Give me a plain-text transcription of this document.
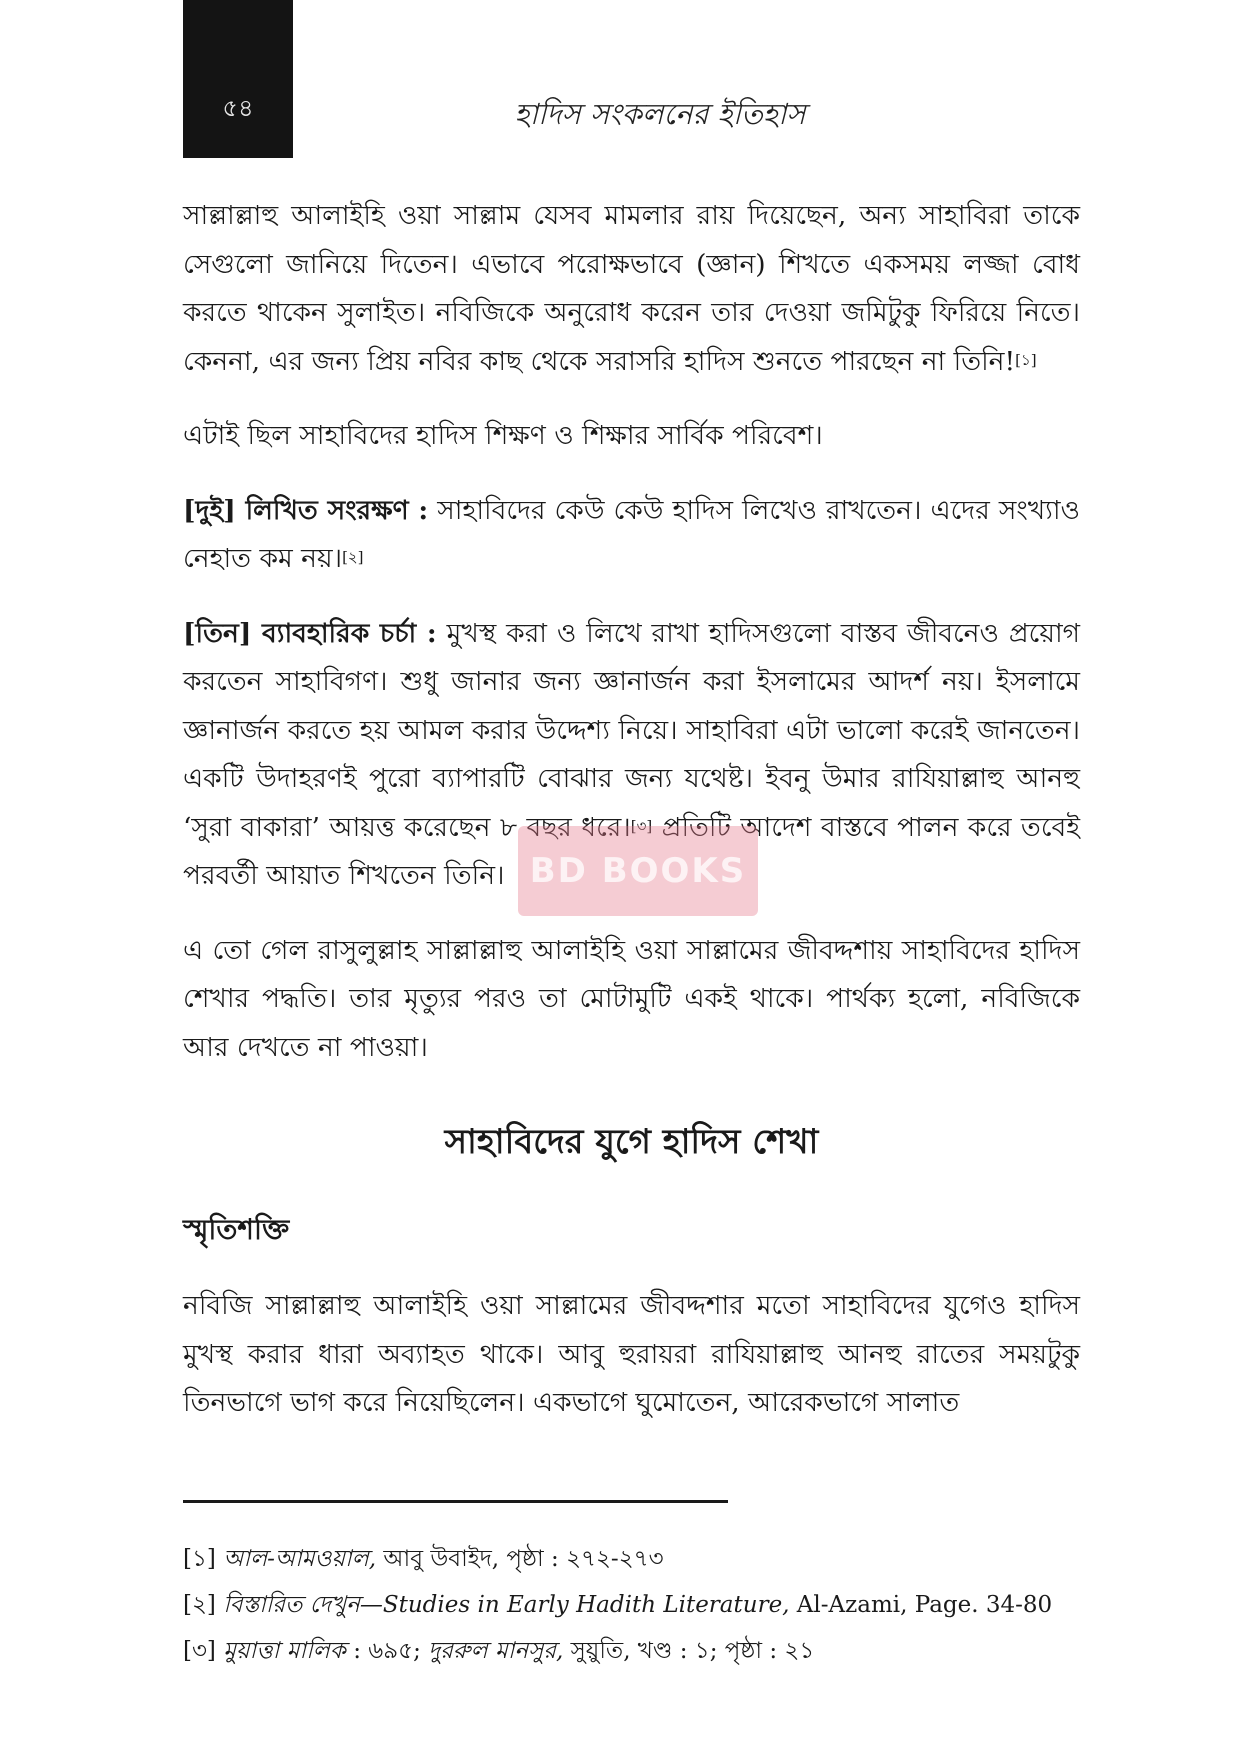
৫৪	হাদিস সংকলনের ইতিহাস

সাল্লাল্লাহু আলাইহি ওয়া সাল্লাম যেসব মামলার রায় দিয়েছেন, অন্য সাহাবিরা তাকে সেগুলো জানিয়ে দিতেন। এভাবে পরোক্ষভাবে (জ্ঞান) শিখতে একসময় লজ্জা বোধ করতে থাকেন সুলাইত। নবিজিকে অনুরোধ করেন তার দেওয়া জমিটুকু ফিরিয়ে নিতে। কেননা, এর জন্য প্রিয় নবির কাছ থেকে সরাসরি হাদিস শুনতে পারছেন না তিনি![১]

এটাই ছিল সাহাবিদের হাদিস শিক্ষণ ও শিক্ষার সার্বিক পরিবেশ।

[দুই] লিখিত সংরক্ষণ : সাহাবিদের কেউ কেউ হাদিস লিখেও রাখতেন। এদের সংখ্যাও নেহাত কম নয়।[২]

[তিন] ব্যাবহারিক চর্চা : মুখস্থ করা ও লিখে রাখা হাদিসগুলো বাস্তব জীবনেও প্রয়োগ করতেন সাহাবিগণ। শুধু জানার জন্য জ্ঞানার্জন করা ইসলামের আদর্শ নয়। ইসলামে জ্ঞানার্জন করতে হয় আমল করার উদ্দেশ্য নিয়ে। সাহাবিরা এটা ভালো করেই জানতেন। একটি উদাহরণই পুরো ব্যাপারটি বোঝার জন্য যথেষ্ট। ইবনু উমার রাযিয়াল্লাহু আনহু ‘সুরা বাকারা’ আয়ত্ত করেছেন ৮ বছর ধরে।[৩] প্রতিটি আদেশ বাস্তবে পালন করে তবেই পরবর্তী আয়াত শিখতেন তিনি।

এ তো গেল রাসুলুল্লাহ সাল্লাল্লাহু আলাইহি ওয়া সাল্লামের জীবদ্দশায় সাহাবিদের হাদিস শেখার পদ্ধতি। তার মৃত্যুর পরও তা মোটামুটি একই থাকে। পার্থক্য হলো, নবিজিকে আর দেখতে না পাওয়া।

সাহাবিদের যুগে হাদিস শেখা
স্মৃতিশক্তি

নবিজি সাল্লাল্লাহু আলাইহি ওয়া সাল্লামের জীবদ্দশার মতো সাহাবিদের যুগেও হাদিস মুখস্থ করার ধারা অব্যাহত থাকে। আবু হুরায়রা রাযিয়াল্লাহু আনহু রাতের সময়টুকু তিনভাগে ভাগ করে নিয়েছিলেন। একভাগে ঘুমোতেন, আরেকভাগে সালাত

BD BOOKS

[১] আল-আমওয়াল, আবু উবাইদ, পৃষ্ঠা : ২৭২-২৭৩

[২] বিস্তারিত দেখুন—Studies in Early Hadith Literature, Al-Azami, Page. 34-80

[৩] মুয়াত্তা মালিক : ৬৯৫; দুররুল মানসুর, সুয়ুতি, খণ্ড : ১; পৃষ্ঠা : ২১
